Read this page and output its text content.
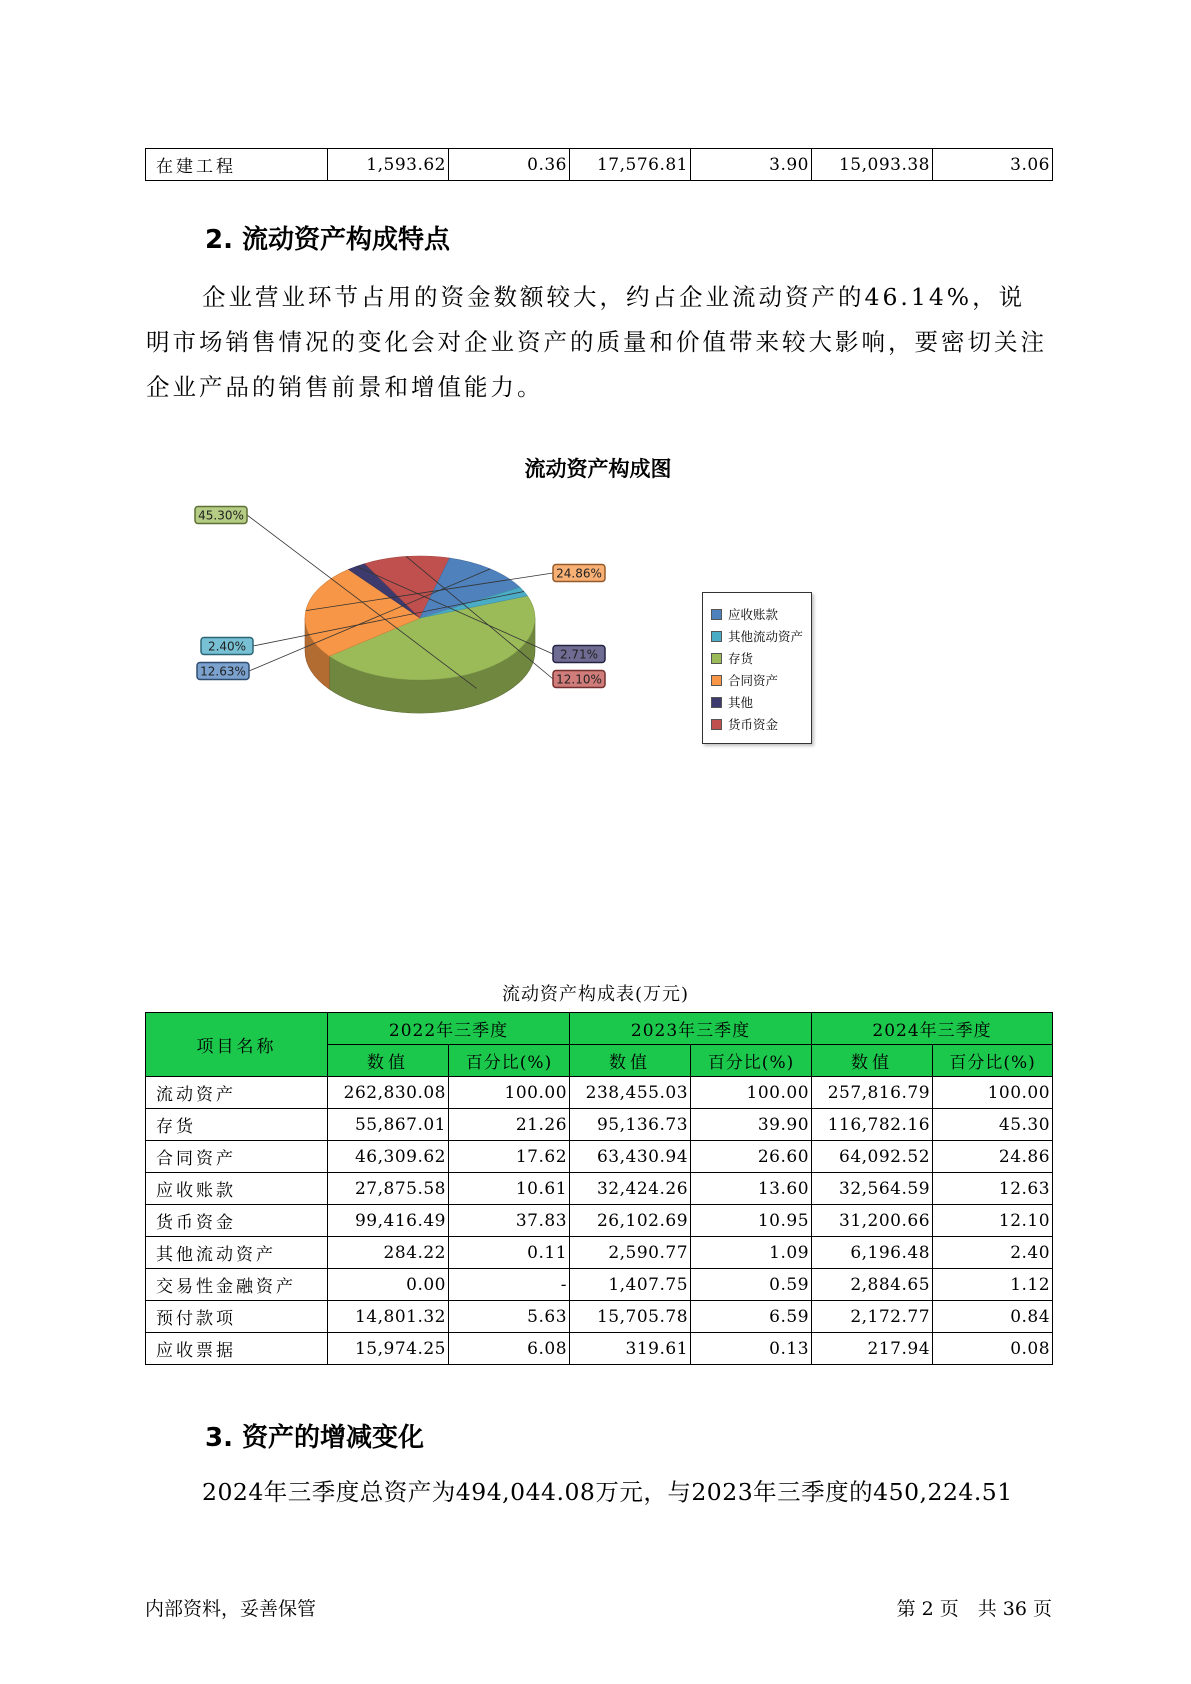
在建工程	1,593.62	0.36	17,576.81	3.90	15,093.38	3.06
2. 流动资产构成特点
企业营业环节占用的资金数额较大，约占企业流动资产的46.14%，说明市场销售情况的变化会对企业资产的质量和价值带来较大影响，要密切关注企业产品的销售前景和增值能力。
流动资产构成图
45.30%
24.86%
2.71%
12.10%
12.63%
2.40%
应收账款
其他流动资产
存货
合同资产
其他
货币资金
流动资产构成表(万元)
项目名称	2022年三季度		2023年三季度		2024年三季度	
	数值	百分比(%)	数值	百分比(%)	数值	百分比(%)
流动资产	262,830.08	100.00	238,455.03	100.00	257,816.79	100.00
存货	55,867.01	21.26	95,136.73	39.90	116,782.16	45.30
合同资产	46,309.62	17.62	63,430.94	26.60	64,092.52	24.86
应收账款	27,875.58	10.61	32,424.26	13.60	32,564.59	12.63
货币资金	99,416.49	37.83	26,102.69	10.95	31,200.66	12.10
其他流动资产	284.22	0.11	2,590.77	1.09	6,196.48	2.40
交易性金融资产	0.00	-	1,407.75	0.59	2,884.65	1.12
预付款项	14,801.32	5.63	15,705.78	6.59	2,172.77	0.84
应收票据	15,974.25	6.08	319.61	0.13	217.94	0.08
3. 资产的增减变化
2024年三季度总资产为494,044.08万元，与2023年三季度的450,224.51
内部资料，妥善保管	第 2 页　共 36 页
